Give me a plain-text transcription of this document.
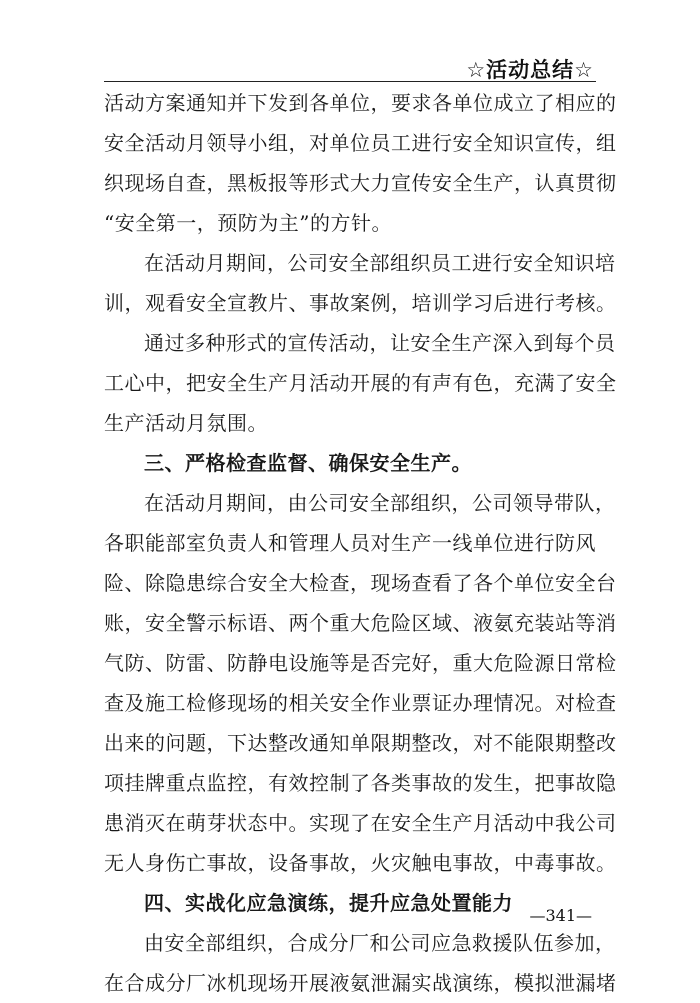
☆活动总结☆
活动方案通知并下发到各单位，要求各单位成立了相应的
安全活动月领导小组，对单位员工进行安全知识宣传，组
织现场自查，黑板报等形式大力宣传安全生产，认真贯彻
“安全第一，预防为主”的方针。
在活动月期间，公司安全部组织员工进行安全知识培
训，观看安全宣教片、事故案例，培训学习后进行考核。
通过多种形式的宣传活动，让安全生产深入到每个员
工心中，把安全生产月活动开展的有声有色，充满了安全
生产活动月氛围。
三、严格检查监督、确保安全生产。
在活动月期间，由公司安全部组织，公司领导带队，
各职能部室负责人和管理人员对生产一线单位进行防风
险、除隐患综合安全大检查，现场查看了各个单位安全台
账，安全警示标语、两个重大危险区域、液氨充装站等消
气防、防雷、防静电设施等是否完好，重大危险源日常检
查及施工检修现场的相关安全作业票证办理情况。对检查
出来的问题，下达整改通知单限期整改，对不能限期整改
项挂牌重点监控，有效控制了各类事故的发生，把事故隐
患消灭在萌芽状态中。实现了在安全生产月活动中我公司
无人身伤亡事故，设备事故，火灾触电事故，中毒事故。
四、实战化应急演练，提升应急处置能力
由安全部组织，合成分厂和公司应急救援队伍参加，
在合成分厂冰机现场开展液氨泄漏实战演练，模拟泄漏堵
—341—
